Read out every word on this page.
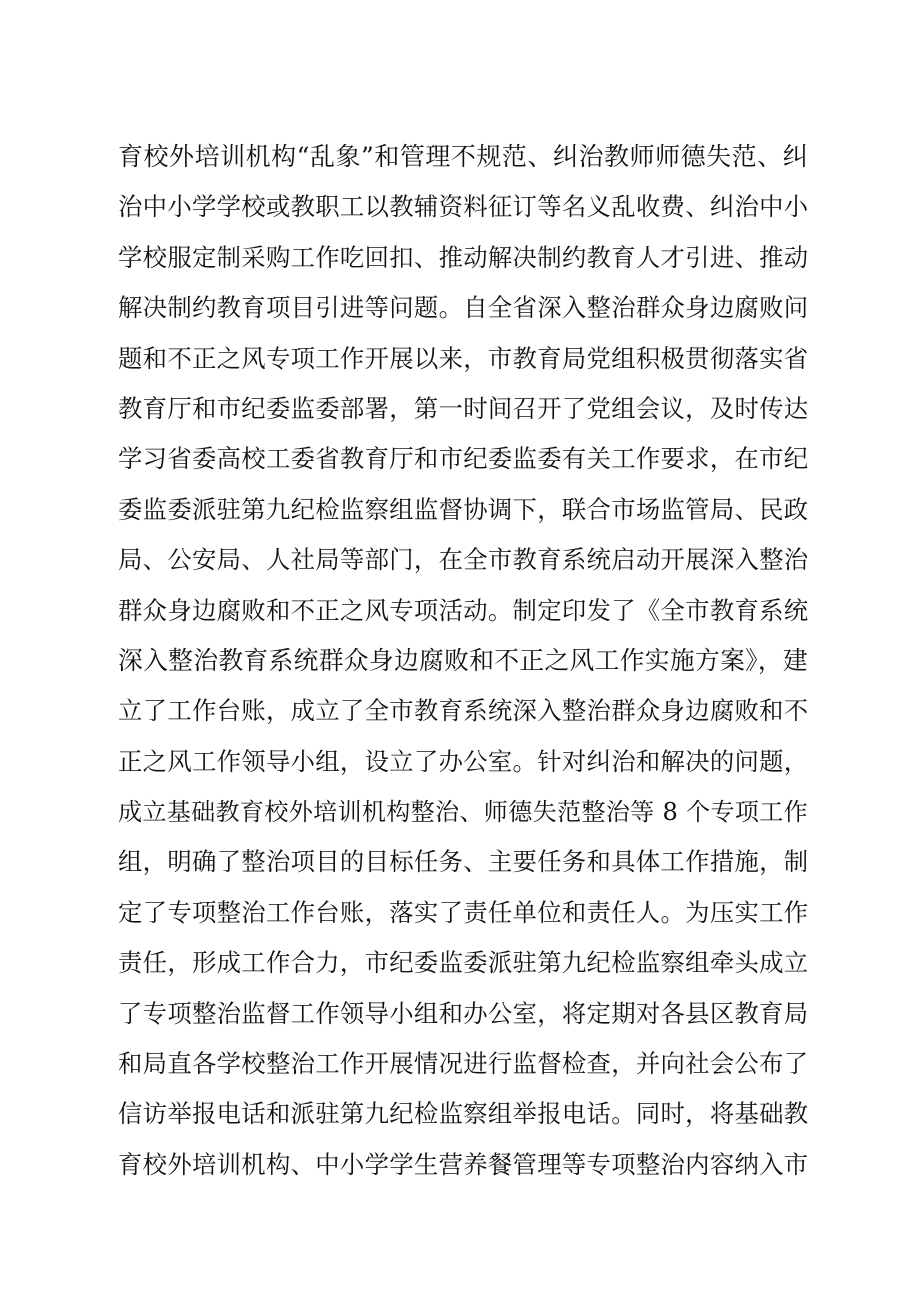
育校外培训机构“乱象”和管理不规范、纠治教师师德失范、纠
治中小学学校或教职工以教辅资料征订等名义乱收费、纠治中小
学校服定制采购工作吃回扣、推动解决制约教育人才引进、推动
解决制约教育项目引进等问题。自全省深入整治群众身边腐败问
题和不正之风专项工作开展以来，市教育局党组积极贯彻落实省
教育厅和市纪委监委部署，第一时间召开了党组会议，及时传达
学习省委高校工委省教育厅和市纪委监委有关工作要求，在市纪
委监委派驻第九纪检监察组监督协调下，联合市场监管局、民政
局、公安局、人社局等部门，在全市教育系统启动开展深入整治
群众身边腐败和不正之风专项活动。制定印发了《全市教育系统
深入整治教育系统群众身边腐败和不正之风工作实施方案》，建
立了工作台账，成立了全市教育系统深入整治群众身边腐败和不
正之风工作领导小组，设立了办公室。针对纠治和解决的问题，
成立基础教育校外培训机构整治、师德失范整治等 8 个专项工作
组，明确了整治项目的目标任务、主要任务和具体工作措施，制
定了专项整治工作台账，落实了责任单位和责任人。为压实工作
责任，形成工作合力，市纪委监委派驻第九纪检监察组牵头成立
了专项整治监督工作领导小组和办公室，将定期对各县区教育局
和局直各学校整治工作开展情况进行监督检查，并向社会公布了
信访举报电话和派驻第九纪检监察组举报电话。同时，将基础教
育校外培训机构、中小学学生营养餐管理等专项整治内容纳入市
